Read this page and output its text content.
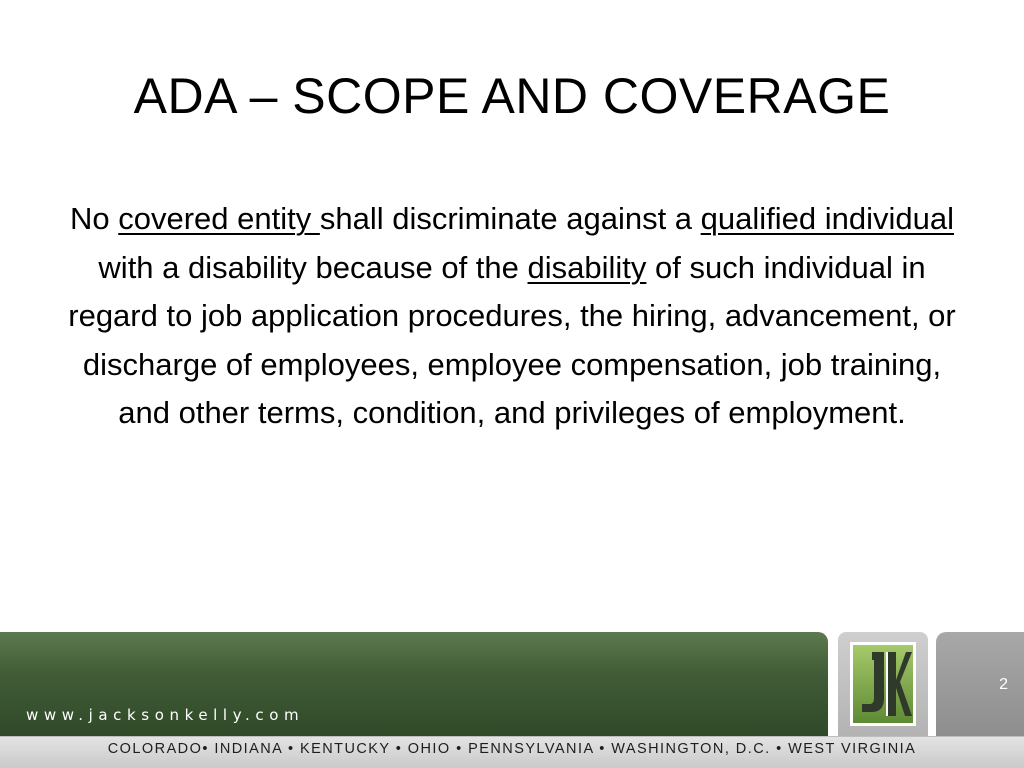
ADA – SCOPE AND COVERAGE
No covered entity shall discriminate against a qualified individual with a disability because of the disability of such individual in regard to job application procedures, the hiring, advancement, or discharge of employees, employee compensation, job training, and other terms, condition, and privileges of employment.
www.jacksonkelly.com
2
COLORADO• INDIANA • KENTUCKY • OHIO • PENNSYLVANIA • WASHINGTON, D.C. • WEST VIRGINIA
